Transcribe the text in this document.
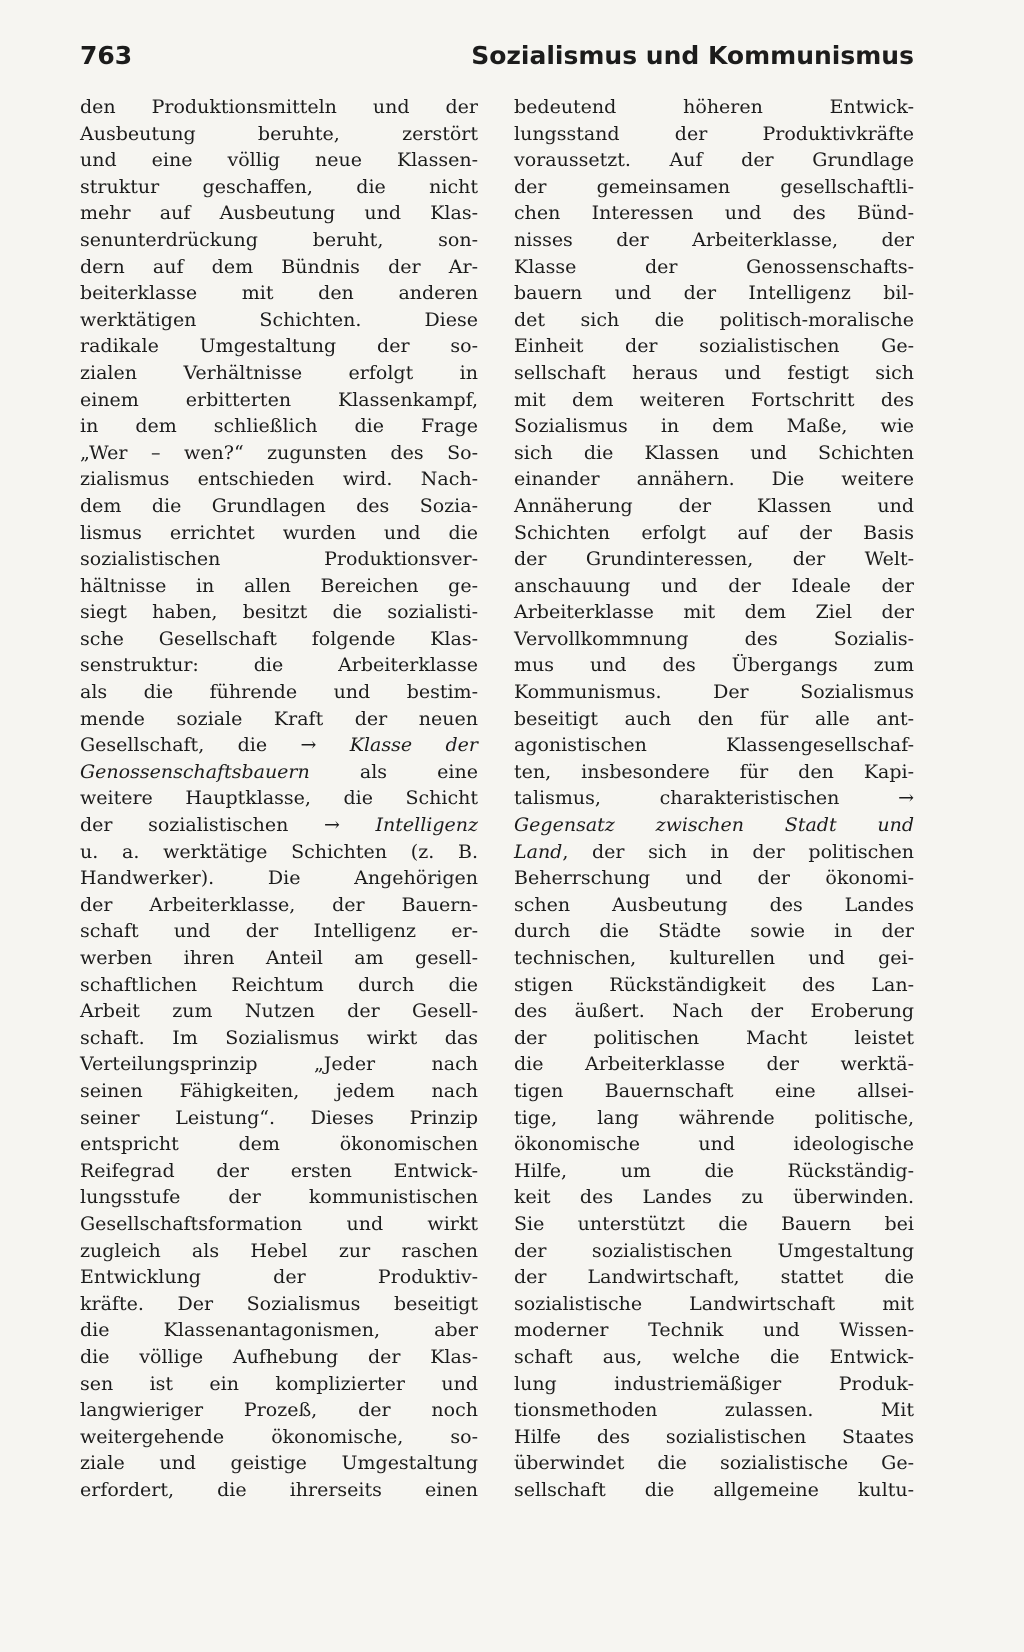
763	Sozialismus und Kommunismus
den Produktionsmitteln und der
Ausbeutung beruhte, zerstört
und eine völlig neue Klassen-
struktur geschaffen, die nicht
mehr auf Ausbeutung und Klas-
senunterdrückung beruht, son-
dern auf dem Bündnis der Ar-
beiterklasse mit den anderen
werktätigen Schichten. Diese
radikale Umgestaltung der so-
zialen Verhältnisse erfolgt in
einem erbitterten Klassenkampf,
in dem schließlich die Frage
„Wer – wen?“ zugunsten des So-
zialismus entschieden wird. Nach-
dem die Grundlagen des Sozia-
lismus errichtet wurden und die
sozialistischen Produktionsver-
hältnisse in allen Bereichen ge-
siegt haben, besitzt die sozialisti-
sche Gesellschaft folgende Klas-
senstruktur: die Arbeiterklasse
als die führende und bestim-
mende soziale Kraft der neuen
Gesellschaft, die → Klasse der
Genossenschaftsbauern als eine
weitere Hauptklasse, die Schicht
der sozialistischen → Intelligenz
u. a. werktätige Schichten (z. B.
Handwerker). Die Angehörigen
der Arbeiterklasse, der Bauern-
schaft und der Intelligenz er-
werben ihren Anteil am gesell-
schaftlichen Reichtum durch die
Arbeit zum Nutzen der Gesell-
schaft. Im Sozialismus wirkt das
Verteilungsprinzip „Jeder nach
seinen Fähigkeiten, jedem nach
seiner Leistung“. Dieses Prinzip
entspricht dem ökonomischen
Reifegrad der ersten Entwick-
lungsstufe der kommunistischen
Gesellschaftsformation und wirkt
zugleich als Hebel zur raschen
Entwicklung der Produktiv-
kräfte. Der Sozialismus beseitigt
die Klassenantagonismen, aber
die völlige Aufhebung der Klas-
sen ist ein komplizierter und
langwieriger Prozeß, der noch
weitergehende ökonomische, so-
ziale und geistige Umgestaltung
erfordert, die ihrerseits einen
bedeutend höheren Entwick-
lungsstand der Produktivkräfte
voraussetzt. Auf der Grundlage
der gemeinsamen gesellschaftli-
chen Interessen und des Bünd-
nisses der Arbeiterklasse, der
Klasse der Genossenschafts-
bauern und der Intelligenz bil-
det sich die politisch-moralische
Einheit der sozialistischen Ge-
sellschaft heraus und festigt sich
mit dem weiteren Fortschritt des
Sozialismus in dem Maße, wie
sich die Klassen und Schichten
einander annähern. Die weitere
Annäherung der Klassen und
Schichten erfolgt auf der Basis
der Grundinteressen, der Welt-
anschauung und der Ideale der
Arbeiterklasse mit dem Ziel der
Vervollkommnung des Sozialis-
mus und des Übergangs zum
Kommunismus. Der Sozialismus
beseitigt auch den für alle ant-
agonistischen Klassengesellschaf-
ten, insbesondere für den Kapi-
talismus, charakteristischen →
Gegensatz zwischen Stadt und
Land, der sich in der politischen
Beherrschung und der ökonomi-
schen Ausbeutung des Landes
durch die Städte sowie in der
technischen, kulturellen und gei-
stigen Rückständigkeit des Lan-
des äußert. Nach der Eroberung
der politischen Macht leistet
die Arbeiterklasse der werktä-
tigen Bauernschaft eine allsei-
tige, lang währende politische,
ökonomische und ideologische
Hilfe, um die Rückständig-
keit des Landes zu überwinden.
Sie unterstützt die Bauern bei
der sozialistischen Umgestaltung
der Landwirtschaft, stattet die
sozialistische Landwirtschaft mit
moderner Technik und Wissen-
schaft aus, welche die Entwick-
lung industriemäßiger Produk-
tionsmethoden zulassen. Mit
Hilfe des sozialistischen Staates
überwindet die sozialistische Ge-
sellschaft die allgemeine kultu-
